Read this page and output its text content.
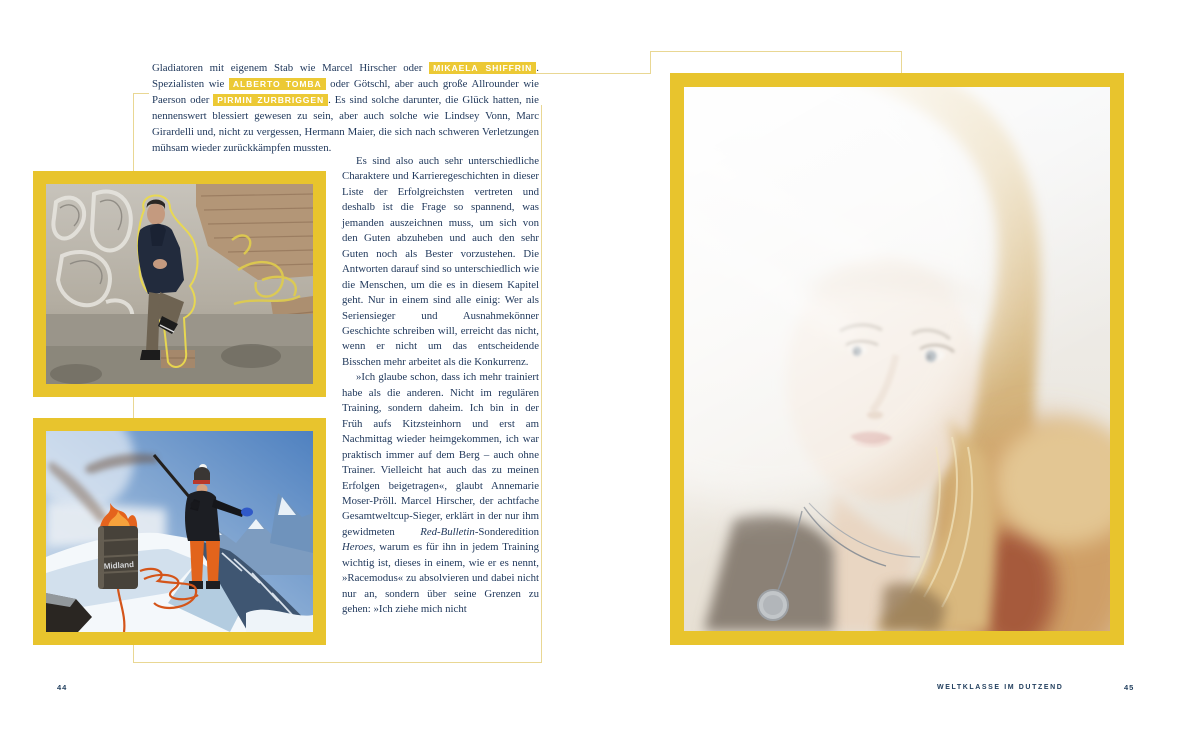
Gladiatoren mit eigenem Stab wie Marcel Hirscher oder MIKAELA SHIFFRIN . Spezialisten wie ALBERTO TOMBA oder Götschl, aber auch große Allrounder wie Paerson oder PIRMIN ZURBRIGGEN . Es sind solche darunter, die Glück hatten, nie nennenswert blessiert gewesen zu sein, aber auch solche wie Lindsey Vonn, Marc Girardelli und, nicht zu vergessen, Hermann Maier, die sich nach schweren Verletzungen mühsam wieder zurückkämpfen mussten.

Es sind also auch sehr unterschiedliche Charaktere und Karrieregeschichten in dieser Liste der Erfolgreichsten vertreten und deshalb ist die Frage so spannend, was jemanden auszeichnen muss, um sich von den Guten abzuheben und auch den sehr Guten noch als Bester vorzustehen. Die Antworten darauf sind so unterschiedlich wie die Menschen, um die es in diesem Kapitel geht. Nur in einem sind alle einig: Wer als Seriensieger und Ausnahmekönner Geschichte schreiben will, erreicht das nicht, wenn er nicht um das entscheidende Bisschen mehr arbeitet als die Konkurrenz.

»Ich glaube schon, dass ich mehr trainiert habe als die anderen. Nicht im regulären Training, sondern daheim. Ich bin in der Früh aufs Kitzsteinhorn und erst am Nachmittag wieder heimgekommen, ich war praktisch immer auf dem Berg – auch ohne Trainer. Vielleicht hat auch das zu meinen Erfolgen beigetragen«, glaubt Annemarie Moser-Pröll. Marcel Hirscher, der achtfache Gesamtweltcup-Sieger, erklärt in der nur ihm gewidmeten Red-Bulletin-Sonderedition Heroes, warum es für ihn in jedem Training wichtig ist, dieses in einem, wie er es nennt, »Racemodus« zu absolvieren und dabei nicht nur an, sondern über seine Grenzen zu gehen: »Ich ziehe mich nicht

Midland
44	WELTKLASSE IM DUTZEND	45
